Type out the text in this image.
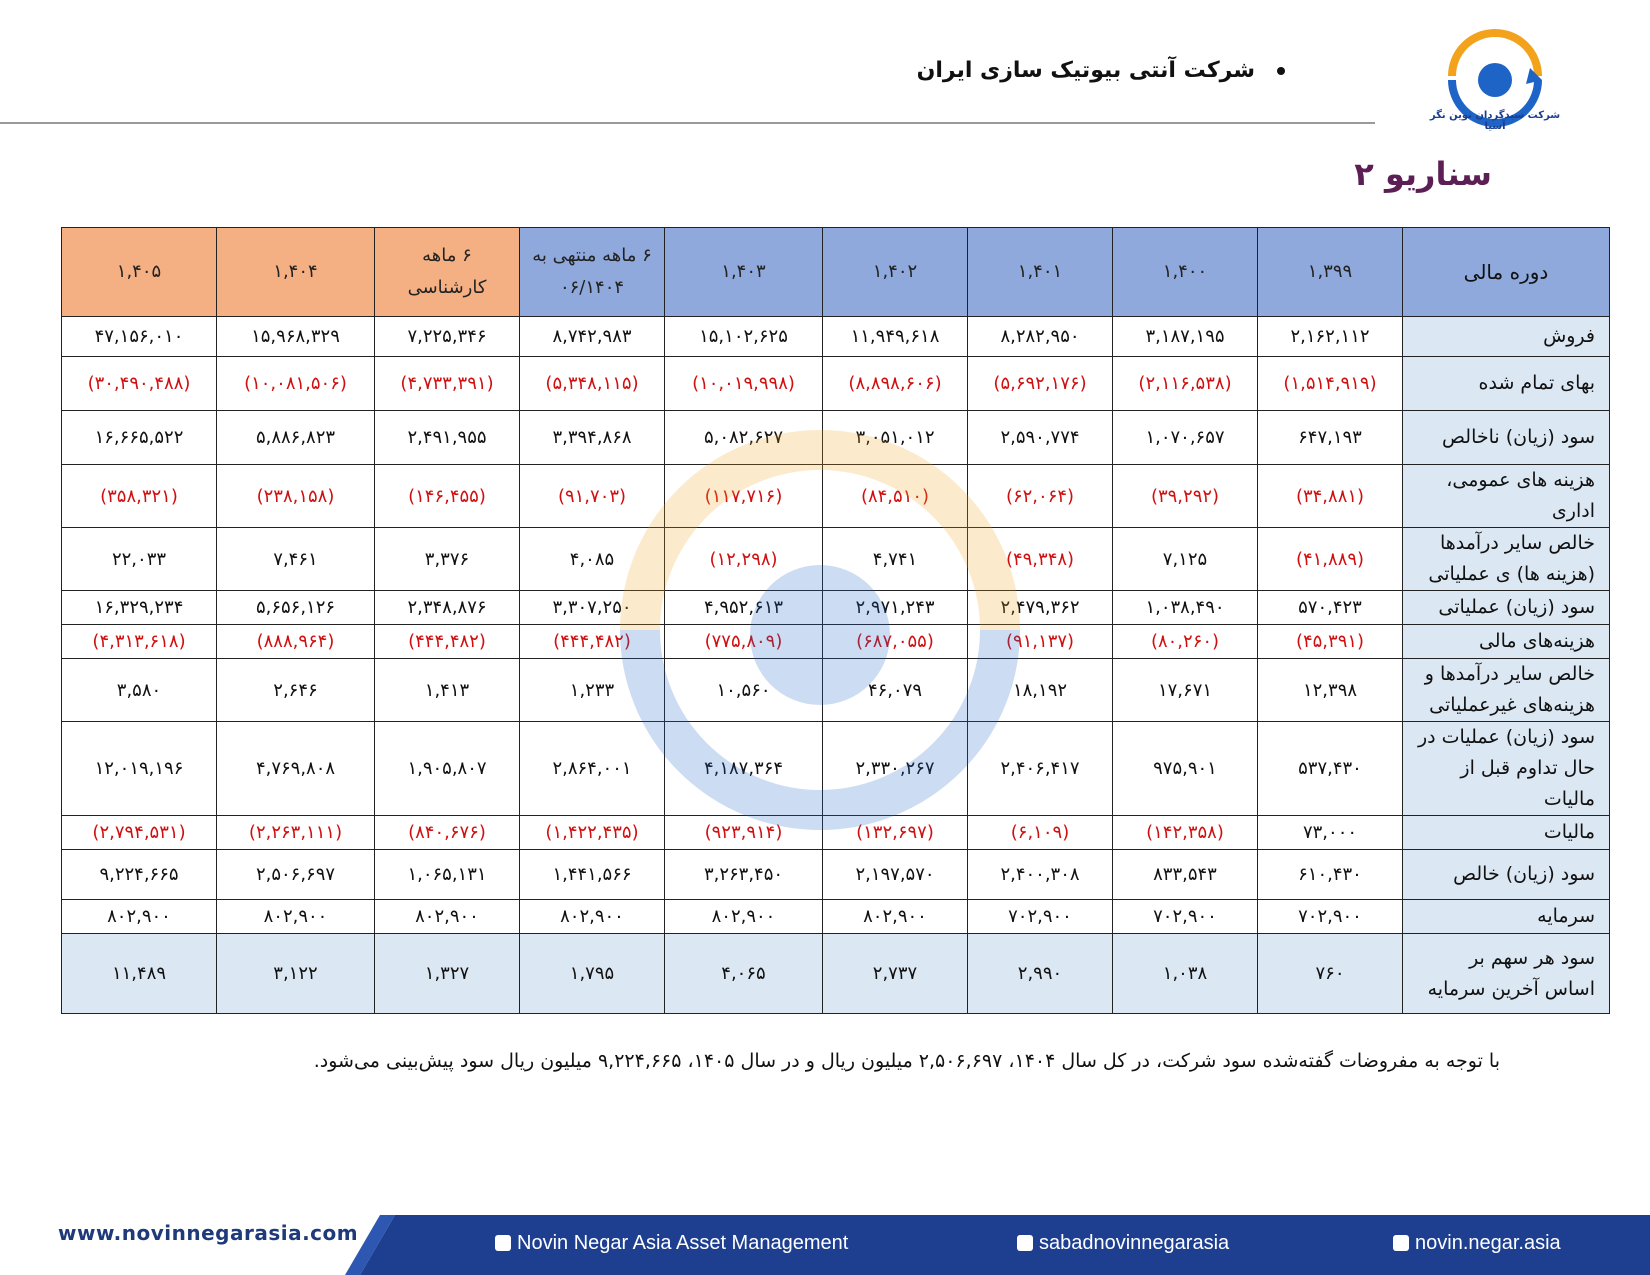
شرکت آنتی بیوتیک سازی ایران
شرکت سبدگردان نوین نگر آسیا
سناریو ۲
دوره مالی	۱,۳۹۹	۱,۴۰۰	۱,۴۰۱	۱,۴۰۲	۱,۴۰۳	۶ ماهه منتهی به ۰۶/۱۴۰۴	۶ ماهه کارشناسی	۱,۴۰۴	۱,۴۰۵
فروش	۲,۱۶۲,۱۱۲	۳,۱۸۷,۱۹۵	۸,۲۸۲,۹۵۰	۱۱,۹۴۹,۶۱۸	۱۵,۱۰۲,۶۲۵	۸,۷۴۲,۹۸۳	۷,۲۲۵,۳۴۶	۱۵,۹۶۸,۳۲۹	۴۷,۱۵۶,۰۱۰
بهای تمام شده	(۱,۵۱۴,۹۱۹)	(۲,۱۱۶,۵۳۸)	(۵,۶۹۲,۱۷۶)	(۸,۸۹۸,۶۰۶)	(۱۰,۰۱۹,۹۹۸)	(۵,۳۴۸,۱۱۵)	(۴,۷۳۳,۳۹۱)	(۱۰,۰۸۱,۵۰۶)	(۳۰,۴۹۰,۴۸۸)
سود (زیان) ناخالص	۶۴۷,۱۹۳	۱,۰۷۰,۶۵۷	۲,۵۹۰,۷۷۴	۳,۰۵۱,۰۱۲	۵,۰۸۲,۶۲۷	۳,۳۹۴,۸۶۸	۲,۴۹۱,۹۵۵	۵,۸۸۶,۸۲۳	۱۶,۶۶۵,۵۲۲
هزینه های عمومی، اداری	(۳۴,۸۸۱)	(۳۹,۲۹۲)	(۶۲,۰۶۴)	(۸۴,۵۱۰)	(۱۱۷,۷۱۶)	(۹۱,۷۰۳)	(۱۴۶,۴۵۵)	(۲۳۸,۱۵۸)	(۳۵۸,۳۲۱)
خالص سایر درآمدها (هزینه ها) ی عملیاتی	(۴۱,۸۸۹)	۷,۱۲۵	(۴۹,۳۴۸)	۴,۷۴۱	(۱۲,۲۹۸)	۴,۰۸۵	۳,۳۷۶	۷,۴۶۱	۲۲,۰۳۳
سود (زیان) عملیاتی	۵۷۰,۴۲۳	۱,۰۳۸,۴۹۰	۲,۴۷۹,۳۶۲	۲,۹۷۱,۲۴۳	۴,۹۵۲,۶۱۳	۳,۳۰۷,۲۵۰	۲,۳۴۸,۸۷۶	۵,۶۵۶,۱۲۶	۱۶,۳۲۹,۲۳۴
هزینه‌های مالی	(۴۵,۳۹۱)	(۸۰,۲۶۰)	(۹۱,۱۳۷)	(۶۸۷,۰۵۵)	(۷۷۵,۸۰۹)	(۴۴۴,۴۸۲)	(۴۴۴,۴۸۲)	(۸۸۸,۹۶۴)	(۴,۳۱۳,۶۱۸)
خالص سایر درآمدها و هزینه‌های غیرعملیاتی	۱۲,۳۹۸	۱۷,۶۷۱	۱۸,۱۹۲	۴۶,۰۷۹	۱۰,۵۶۰	۱,۲۳۳	۱,۴۱۳	۲,۶۴۶	۳,۵۸۰
سود (زیان) عملیات در حال تداوم قبل از مالیات	۵۳۷,۴۳۰	۹۷۵,۹۰۱	۲,۴۰۶,۴۱۷	۲,۳۳۰,۲۶۷	۴,۱۸۷,۳۶۴	۲,۸۶۴,۰۰۱	۱,۹۰۵,۸۰۷	۴,۷۶۹,۸۰۸	۱۲,۰۱۹,۱۹۶
مالیات	۷۳,۰۰۰	(۱۴۲,۳۵۸)	(۶,۱۰۹)	(۱۳۲,۶۹۷)	(۹۲۳,۹۱۴)	(۱,۴۲۲,۴۳۵)	(۸۴۰,۶۷۶)	(۲,۲۶۳,۱۱۱)	(۲,۷۹۴,۵۳۱)
سود (زیان) خالص	۶۱۰,۴۳۰	۸۳۳,۵۴۳	۲,۴۰۰,۳۰۸	۲,۱۹۷,۵۷۰	۳,۲۶۳,۴۵۰	۱,۴۴۱,۵۶۶	۱,۰۶۵,۱۳۱	۲,۵۰۶,۶۹۷	۹,۲۲۴,۶۶۵
سرمایه	۷۰۲,۹۰۰	۷۰۲,۹۰۰	۷۰۲,۹۰۰	۸۰۲,۹۰۰	۸۰۲,۹۰۰	۸۰۲,۹۰۰	۸۰۲,۹۰۰	۸۰۲,۹۰۰	۸۰۲,۹۰۰
سود هر سهم بر اساس آخرین سرمایه	۷۶۰	۱,۰۳۸	۲,۹۹۰	۲,۷۳۷	۴,۰۶۵	۱,۷۹۵	۱,۳۲۷	۳,۱۲۲	۱۱,۴۸۹
با توجه به مفروضات گفته‌شده سود شرکت، در کل سال ۱۴۰۴، ۲,۵۰۶,۶۹۷ میلیون ریال و در سال ۱۴۰۵، ۹,۲۲۴,۶۶۵ میلیون ریال سود پیش‌بینی می‌شود.
www.novinnegarasia.com	Novin Negar Asia Asset Management	sabadnovinnegarasia	novin.negar.asia
